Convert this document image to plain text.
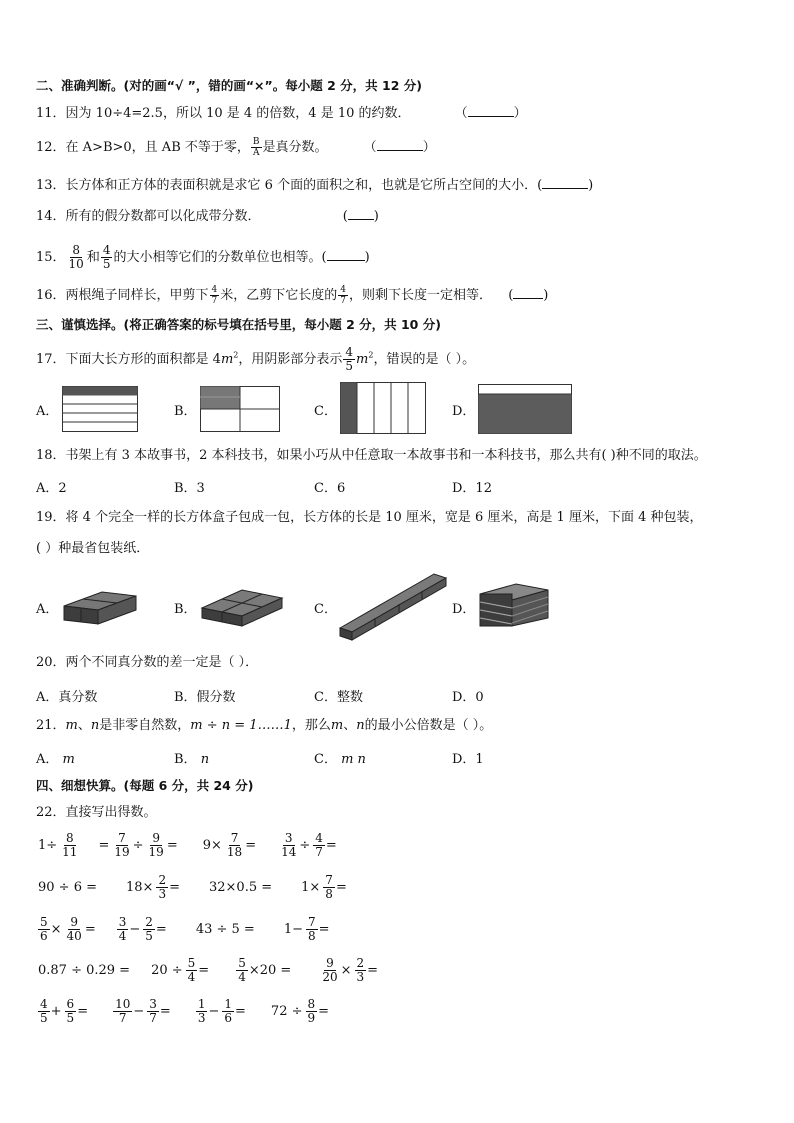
二、准确判断。(对的画“√ ”，错的画“×”。每小题 2 分，共 12 分)
11．因为 10÷4=2.5，所以 10 是 4 的倍数，4 是 10 的约数．	（	）
12．在 A>B>0，且 AB 不等于零， $\frac{B}{A}$ 是真分数。	（	）
13．长方体和正方体的表面积就是求它 6 个面的面积之和，也就是它所占空间的大小．(	)
14．所有的假分数都可以化成带分数．	( )
15． $\frac{8}{10}$ 和 $\frac{4}{5}$ 的大小相等它们的分数单位也相等。(	)
16．两根绳子同样长，甲剪下 $\frac{4}{7}$ 米，乙剪下它长度的 $\frac{4}{7}$ ，则剩下长度一定相等． ( )
三、谨慎选择。(将正确答案的标号填在括号里，每小题 2 分，共 10 分)
17．下面大长方形的面积都是 $4m^2$，用阴影部分表示 $\frac{4}{5} m^2$，错误的是（ ）。
A．	B．	C．	D．
18．书架上有 3 本故事书，2 本科技书，如果小巧从中任意取一本故事书和一本科技书，那么共有( )种不同的取法。
A．2	B．3	C．6	D．12
19．将 4 个完全一样的长方体盒子包成一包，长方体的长是 10 厘米，宽是 6 厘米，高是 1 厘米，下面 4 种包装，
( ）种最省包装纸．
A．	B．	C．	D．
20．两个不同真分数的差一定是（ ）．
A．真分数	B．假分数	C．整数	D．0
21．m、n是非零自然数，m ÷ n = 1……1，那么m、n的最小公倍数是（ ）。
A． m	B． n	C． m n	D．1
四、细想快算。(每题 6 分，共 24 分)
22．直接写出得数。
$1\div \frac{8}{11} = \frac{7}{19} \div \frac{9}{19} = 9\times \frac{7}{18} = \frac{3}{14} \div \frac{4}{7}$ =
$90 \div 6 = 18\times \frac{2}{3} = 32\times 0.5 = 1\times \frac{7}{8}$ =
$\frac{5}{6} \times \frac{9}{40} = \frac{3}{4} - \frac{2}{5} = 43 \div 5 = 1- \frac{7}{8}$ =
$0.87 \div 0.29 = 20 \div \frac{5}{4} = \frac{5}{4} \times 20 = \frac{9}{20} \times \frac{2}{3}$ =
$\frac{4}{5} + \frac{6}{5} = \frac{10}{7} - \frac{3}{7} = \frac{1}{3} - \frac{1}{6} = 72 \div \frac{8}{9}$ =
